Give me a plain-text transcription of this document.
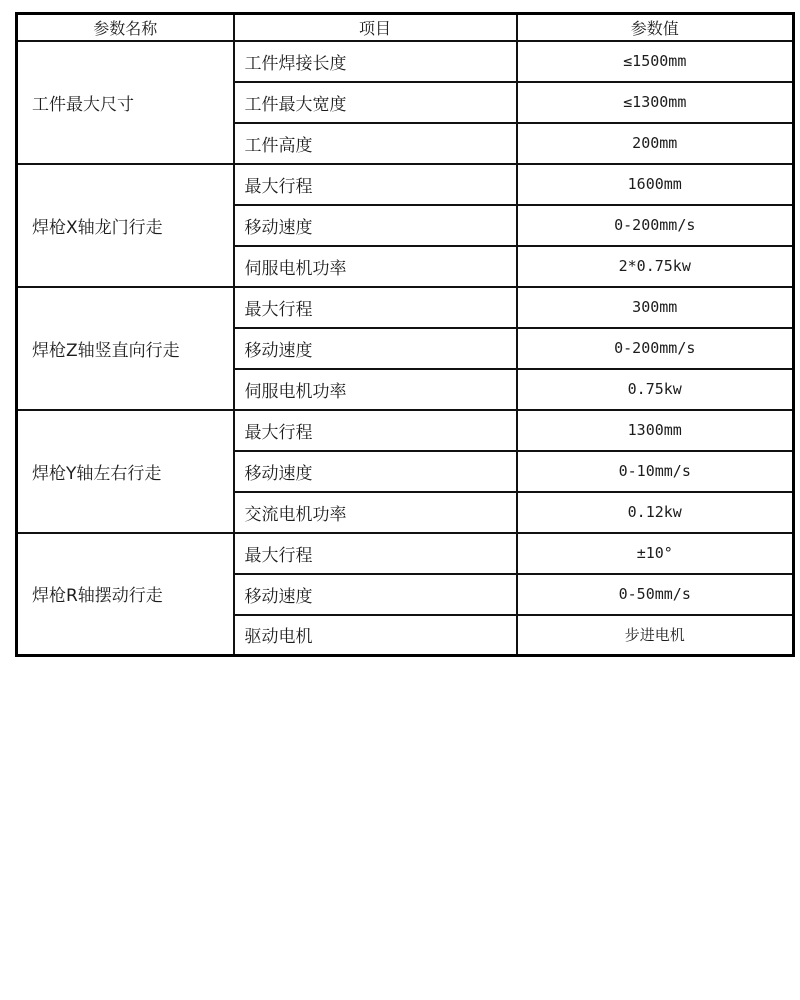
参数名称	项目	参数值
工件最大尺寸	工件焊接长度	≤1500mm
	工件最大宽度	≤1300mm
	工件高度	200mm
焊枪X轴龙门行走	最大行程	1600mm
	移动速度	0-200mm/s
	伺服电机功率	2*0.75kw
焊枪Z轴竖直向行走	最大行程	300mm
	移动速度	0-200mm/s
	伺服电机功率	0.75kw
焊枪Y轴左右行走	最大行程	1300mm
	移动速度	0-10mm/s
	交流电机功率	0.12kw
焊枪R轴摆动行走	最大行程	±10°
	移动速度	0-50mm/s
	驱动电机	步进电机
